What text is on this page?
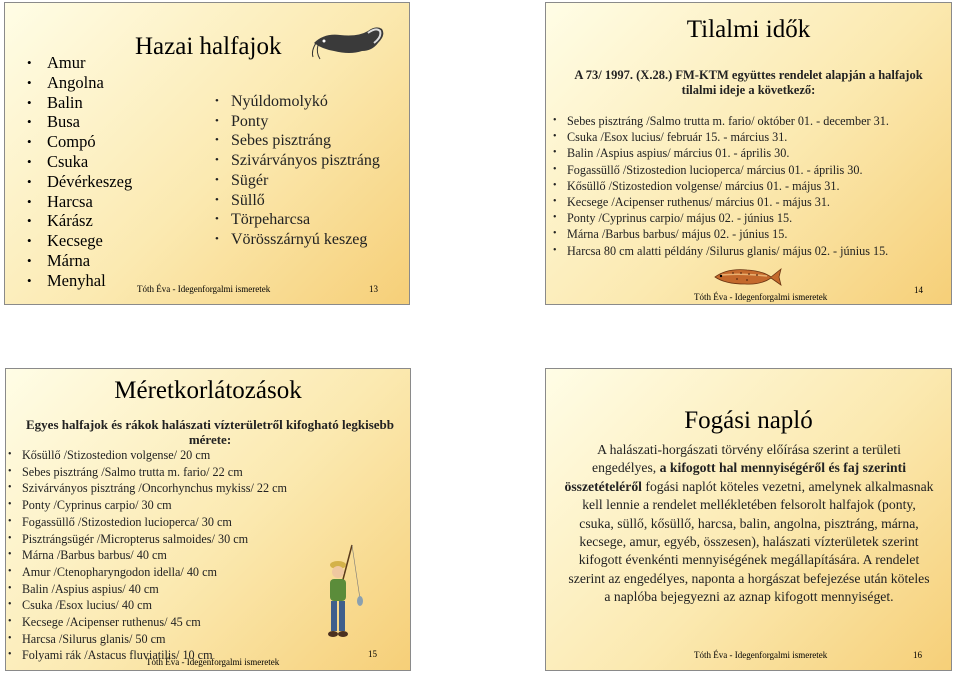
• Amur
• Angolna
• Balin
• Busa
• Compó
• Csuka
• Dévérkeszeg
• Harcsa
• Kárász
• Kecsege
• Márna
• Menyhal
Hazai halfajok
• Nyúldomolykó
• Ponty
• Sebes pisztráng
• Szivárványos pisztráng
• Sügér
• Süllő
• Törpeharcsa
• Vörösszárnyú keszeg
Tóth Éva - Idegenforgalmi ismeretek	13
Tilalmi idők
A 73/ 1997. (X.28.) FM-KTM együttes rendelet alapján a halfajok tilalmi ideje a következő:
• Sebes pisztráng /Salmo trutta m. fario/ október 01. - december 31.
• Csuka /Esox lucius/ február 15. - március 31.
• Balin /Aspius aspius/ március 01. - április 30.
• Fogassüllő /Stizostedion lucioperca/ március 01. - április 30.
• Kősüllő /Stizostedion volgense/ március 01. - május 31.
• Kecsege /Acipenser ruthenus/ március 01. - május 31.
• Ponty /Cyprinus carpio/ május 02. - június 15.
• Márna /Barbus barbus/ május 02. - június 15.
• Harcsa 80 cm alatti példány /Silurus glanis/ május 02. - június 15.
Tóth Éva - Idegenforgalmi ismeretek
14
Méretkorlátozások
Egyes halfajok és rákok halászati vízterületről kifogható legkisebb mérete:
• Kősüllő /Stizostedion volgense/ 20 cm
• Sebes pisztráng /Salmo trutta m. fario/ 22 cm
• Szivárványos pisztráng /Oncorhynchus mykiss/ 22 cm
• Ponty /Cyprinus carpio/ 30 cm
• Fogassüllő /Stizostedion lucioperca/ 30 cm
• Pisztrángsügér /Micropterus salmoides/ 30 cm
• Márna /Barbus barbus/ 40 cm
• Amur /Ctenopharyngodon idella/ 40 cm
• Balin /Aspius aspius/ 40 cm
• Csuka /Esox lucius/ 40 cm
• Kecsege /Acipenser ruthenus/ 45 cm
• Harcsa /Silurus glanis/ 50 cm
• Folyami rák /Astacus fluviatilis/ 10 cm
Tóth Éva - Idegenforgalmi ismeretek
15
Fogási napló
A halászati-horgászati törvény előírása szerint a területi engedélyes, a kifogott hal mennyiségéről és faj szerinti összetételéről fogási naplót köteles vezetni, amelynek alkalmasnak kell lennie a rendelet mellékletében felsorolt halfajok (ponty, csuka, süllő, kősüllő, harcsa, balin, angolna, pisztráng, márna, kecsege, amur, egyéb, összesen), halászati vízterületek szerint kifogott évenkénti mennyiségének megállapítására. A rendelet szerint az engedélyes, naponta a horgászat befejezése után köteles a naplóba bejegyezni az aznap kifogott mennyiséget.
Tóth Éva - Idegenforgalmi ismeretek	16
